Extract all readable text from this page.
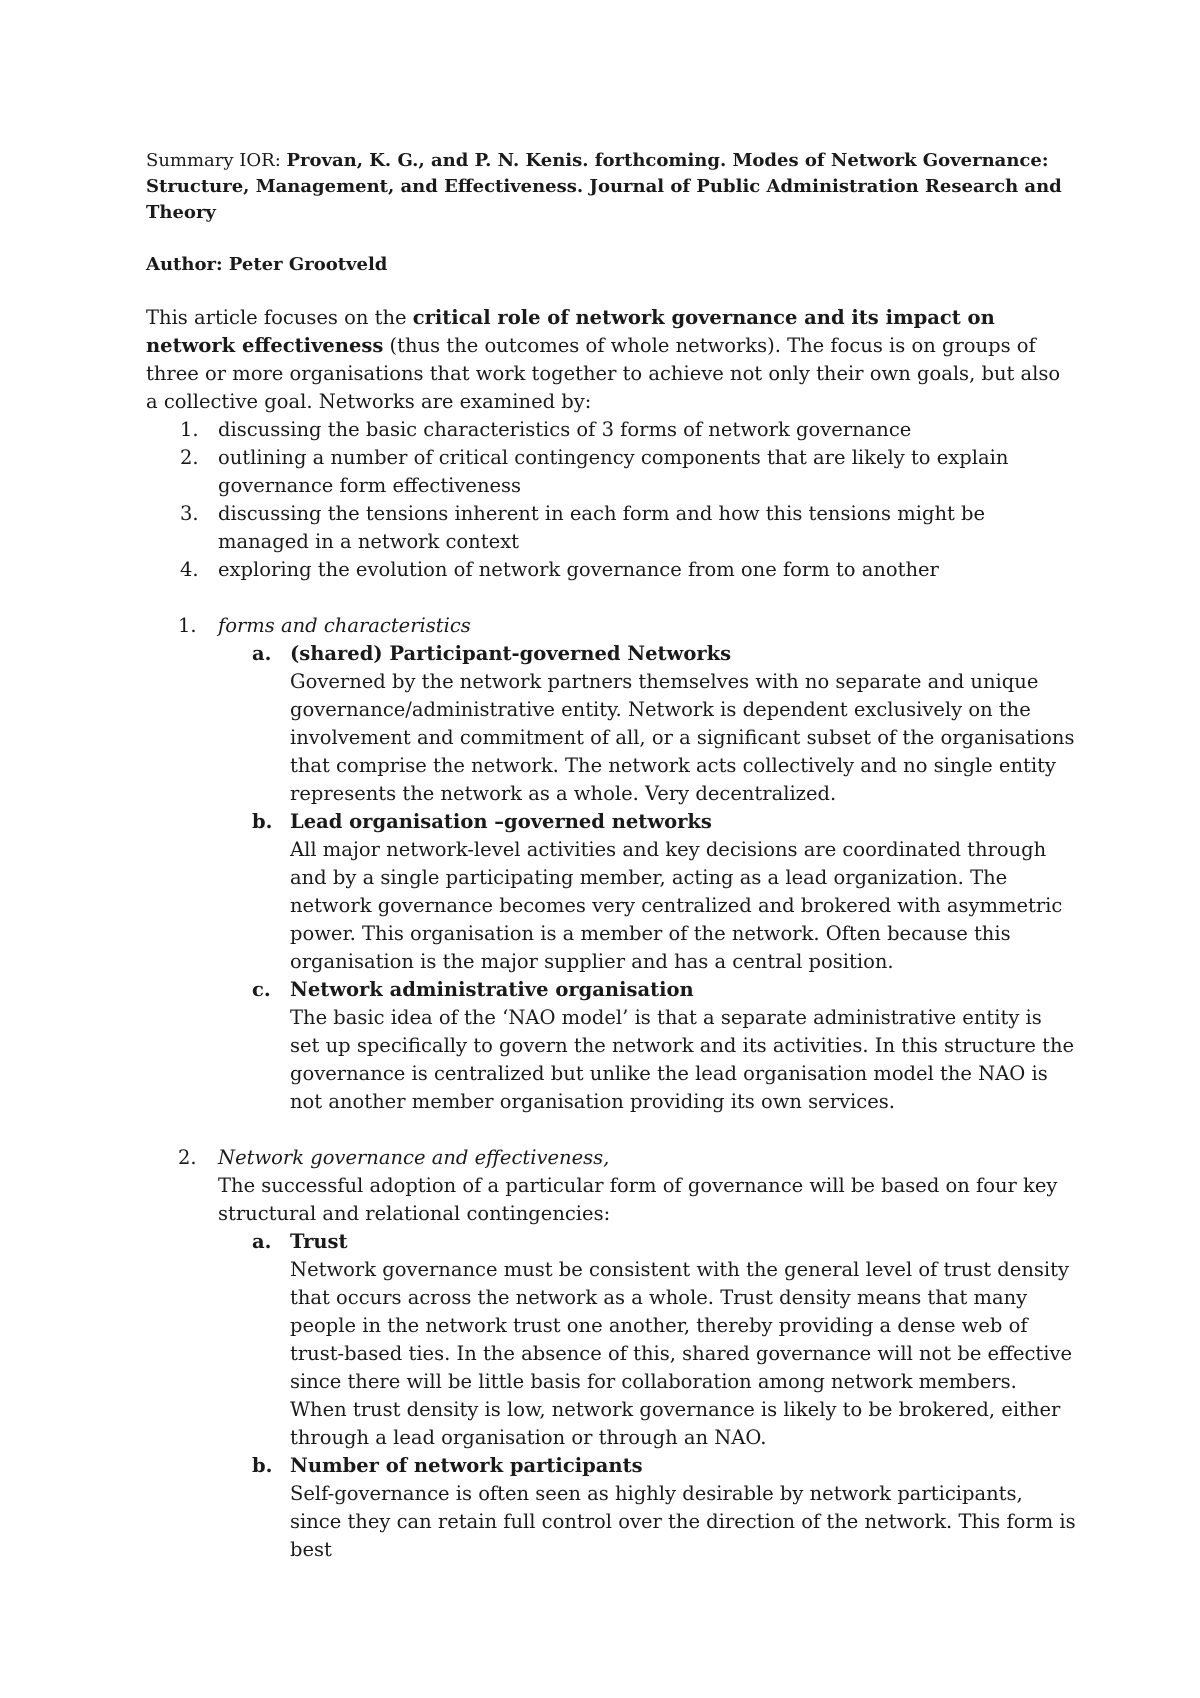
Summary IOR: Provan, K. G., and P. N. Kenis. forthcoming. Modes of Network Governance: Structure, Management, and Effectiveness. Journal of Public Administration Research and Theory

Author: Peter Grootveld

This article focuses on the critical role of network governance and its impact on network effectiveness (thus the outcomes of whole networks). The focus is on groups of three or more organisations that work together to achieve not only their own goals, but also a collective goal. Networks are examined by:

1. discussing the basic characteristics of 3 forms of network governance
2. outlining a number of critical contingency components that are likely to explain governance form effectiveness
3. discussing the tensions inherent in each form and how this tensions might be managed in a network context
4. exploring the evolution of network governance from one form to another
1. forms and characteristics
a. (shared) Participant-governed Networks
Governed by the network partners themselves with no separate and unique governance/administrative entity. Network is dependent exclusively on the involvement and commitment of all, or a significant subset of the organisations that comprise the network. The network acts collectively and no single entity represents the network as a whole. Very decentralized.
b. Lead organisation –governed networks
All major network-level activities and key decisions are coordinated through and by a single participating member, acting as a lead organization. The network governance becomes very centralized and brokered with asymmetric power. This organisation is a member of the network. Often because this organisation is the major supplier and has a central position.
c. Network administrative organisation
The basic idea of the ‘NAO model’ is that a separate administrative entity is set up specifically to govern the network and its activities. In this structure the governance is centralized but unlike the lead organisation model the NAO is not another member organisation providing its own services.
2. Network governance and effectiveness,
The successful adoption of a particular form of governance will be based on four key structural and relational contingencies:
a. Trust
Network governance must be consistent with the general level of trust density that occurs across the network as a whole. Trust density means that many people in the network trust one another, thereby providing a dense web of trust-based ties. In the absence of this, shared governance will not be effective since there will be little basis for collaboration among network members. When trust density is low, network governance is likely to be brokered, either through a lead organisation or through an NAO.
b. Number of network participants
Self-governance is often seen as highly desirable by network participants, since they can retain full control over the direction of the network. This form is best
